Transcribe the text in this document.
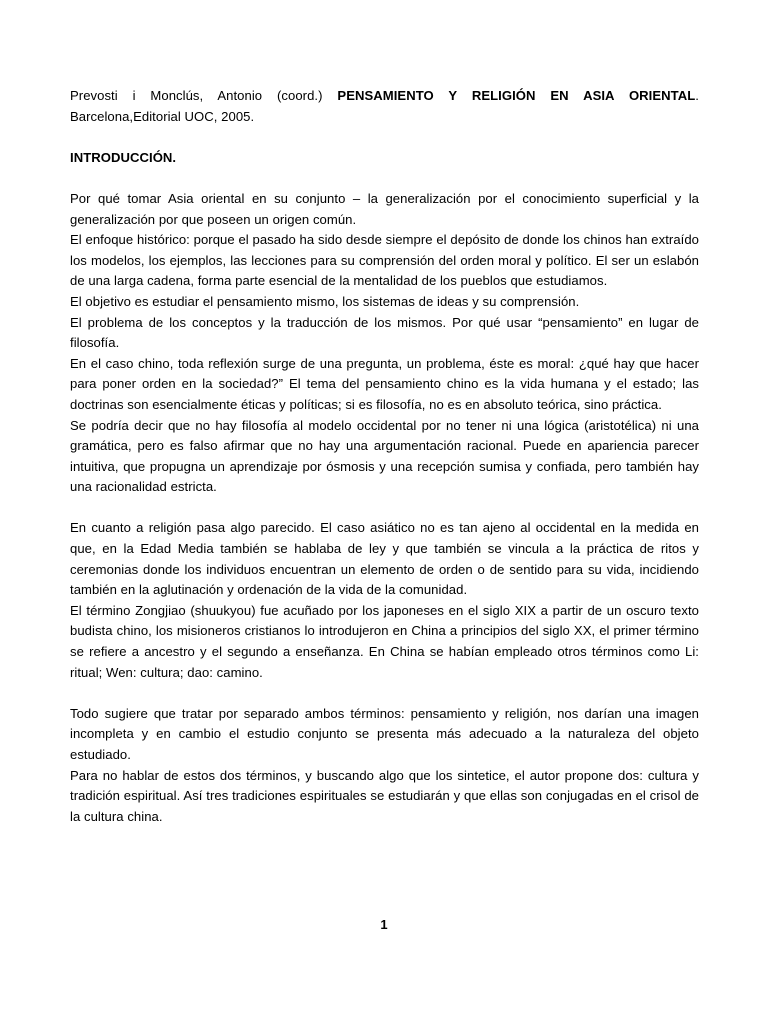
Prevosti i Monclús, Antonio (coord.) PENSAMIENTO Y RELIGIÓN EN ASIA ORIENTAL. Barcelona,Editorial UOC, 2005.

INTRODUCCIÓN.

Por qué tomar Asia oriental en su conjunto – la generalización por el conocimiento superficial y la generalización por que poseen un origen común.

El enfoque histórico: porque el pasado ha sido desde siempre el depósito de donde los chinos han extraído los modelos, los ejemplos, las lecciones para su comprensión del orden moral y político. El ser un eslabón de una larga cadena, forma parte esencial de la mentalidad de los pueblos que estudiamos.

El objetivo es estudiar el pensamiento mismo, los sistemas de ideas y su comprensión.

El problema de los conceptos y la traducción de los mismos. Por qué usar “pensamiento” en lugar de filosofía.

En el caso chino, toda reflexión surge de una pregunta, un problema, éste es moral: ¿qué hay que hacer para poner orden en la sociedad?” El tema del pensamiento chino es la vida humana y el estado; las doctrinas son esencialmente éticas y políticas; si es filosofía, no es en absoluto teórica, sino práctica.

Se podría decir que no hay filosofía al modelo occidental por no tener ni una lógica (aristotélica) ni una gramática, pero es falso afirmar que no hay una argumentación racional. Puede en apariencia parecer intuitiva, que propugna un aprendizaje por ósmosis y una recepción sumisa y confiada, pero también hay una racionalidad estricta.

En cuanto a religión pasa algo parecido. El caso asiático no es tan ajeno al occidental en la medida en que, en la Edad Media también se hablaba de ley y que también se vincula a la práctica de ritos y ceremonias donde los individuos encuentran un elemento de orden o de sentido para su vida, incidiendo también en la aglutinación y ordenación de la vida de la comunidad.

El término Zongjiao (shuukyou) fue acuñado por los japoneses en el siglo XIX a partir de un oscuro texto budista chino, los misioneros cristianos lo introdujeron en China a principios del siglo XX, el primer término se refiere a ancestro y el segundo a enseñanza. En China se habían empleado otros términos como Li: ritual; Wen: cultura; dao: camino.

Todo sugiere que tratar por separado ambos términos: pensamiento y religión, nos darían una imagen incompleta y en cambio el estudio conjunto se presenta más adecuado a la naturaleza del objeto estudiado.

Para no hablar de estos dos términos, y buscando algo que los sintetice, el autor propone dos: cultura y tradición espiritual. Así tres tradiciones espirituales se estudiarán y que ellas son conjugadas en el crisol de la cultura china.

1
